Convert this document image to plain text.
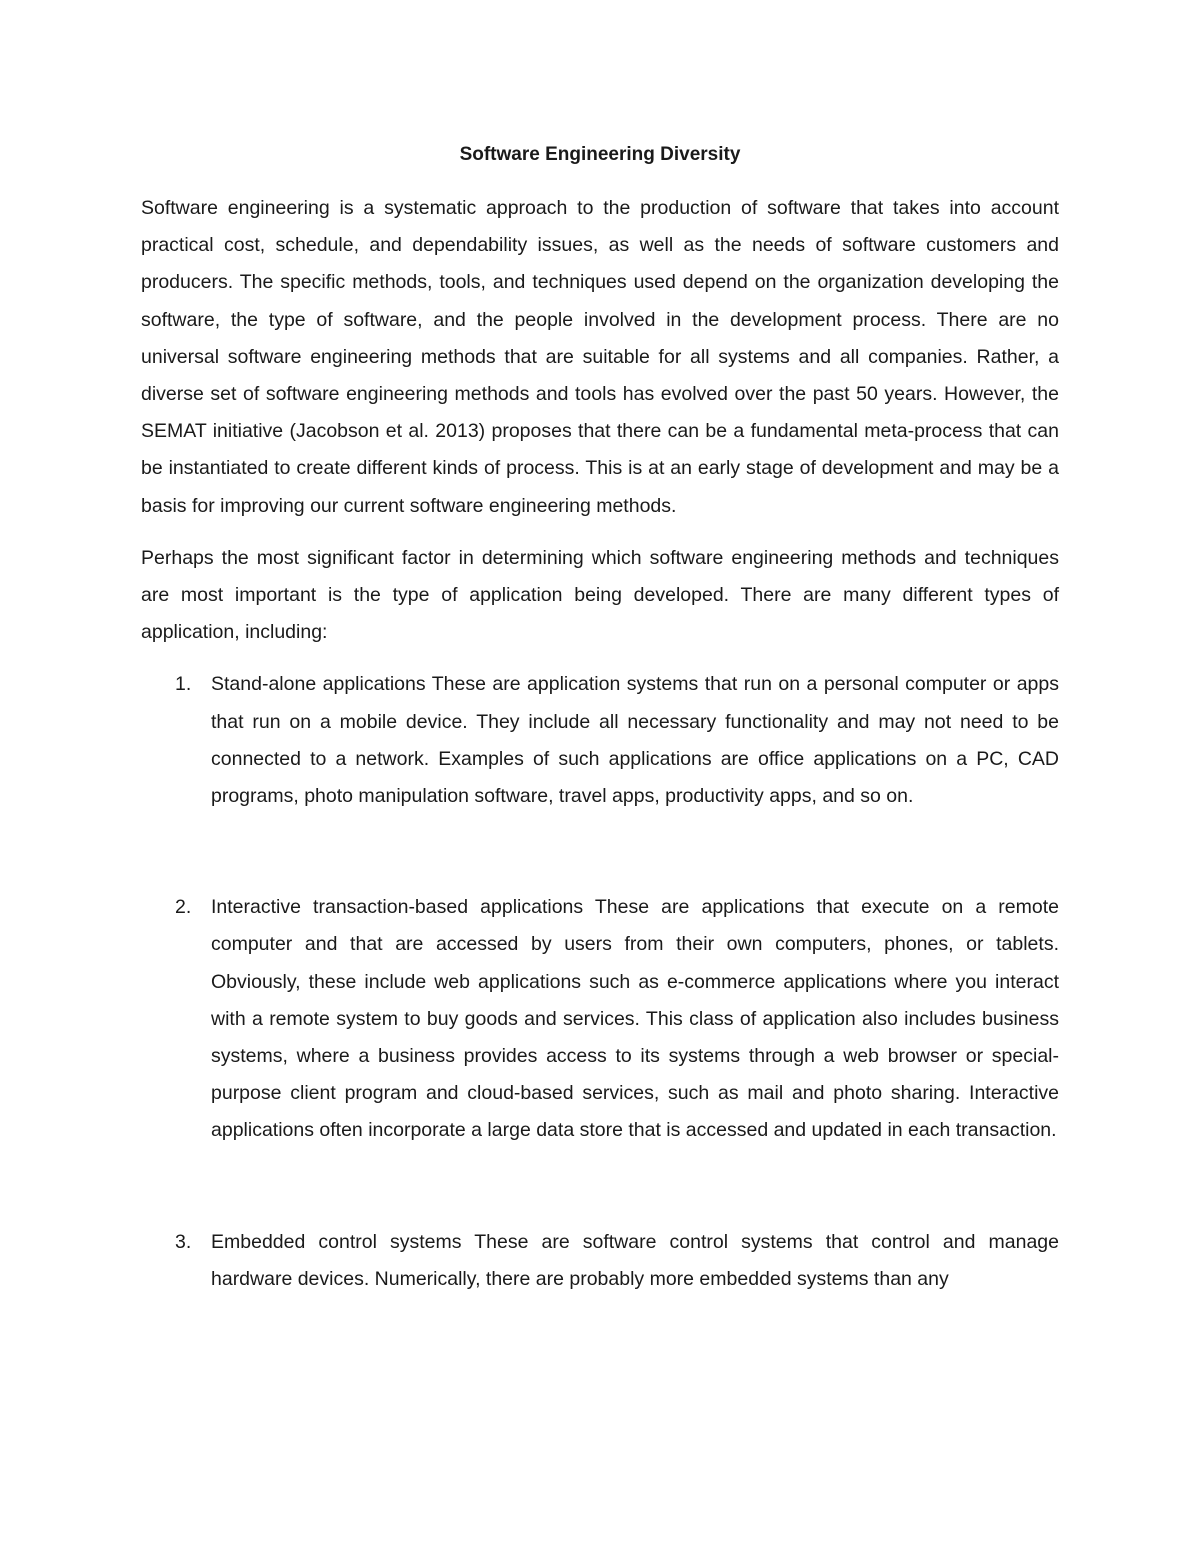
Software Engineering Diversity

Software engineering is a systematic approach to the production of software that takes into account practical cost, schedule, and dependability issues, as well as the needs of software customers and producers. The specific methods, tools, and techniques used depend on the organization developing the software, the type of software, and the people involved in the development process. There are no universal software engineering methods that are suitable for all systems and all companies. Rather, a diverse set of software engineering methods and tools has evolved over the past 50 years. However, the SEMAT initiative (Jacobson et al. 2013) proposes that there can be a fundamental meta-process that can be instantiated to create different kinds of process. This is at an early stage of development and may be a basis for improving our current software engineering methods.

Perhaps the most significant factor in determining which software engineering methods and techniques are most important is the type of application being developed. There are many different types of application, including:

1. Stand-alone applications These are application systems that run on a personal computer or apps that run on a mobile device. They include all necessary functionality and may not need to be connected to a network. Examples of such applications are office applications on a PC, CAD programs, photo manipulation software, travel apps, productivity apps, and so on.
2. Interactive transaction-based applications These are applications that execute on a remote computer and that are accessed by users from their own computers, phones, or tablets. Obviously, these include web applications such as e-commerce applications where you interact with a remote system to buy goods and services. This class of application also includes business systems, where a business provides access to its systems through a web browser or special-purpose client program and cloud-based services, such as mail and photo sharing. Interactive applications often incorporate a large data store that is accessed and updated in each transaction.
3. Embedded control systems These are software control systems that control and manage hardware devices. Numerically, there are probably more embedded systems than any
